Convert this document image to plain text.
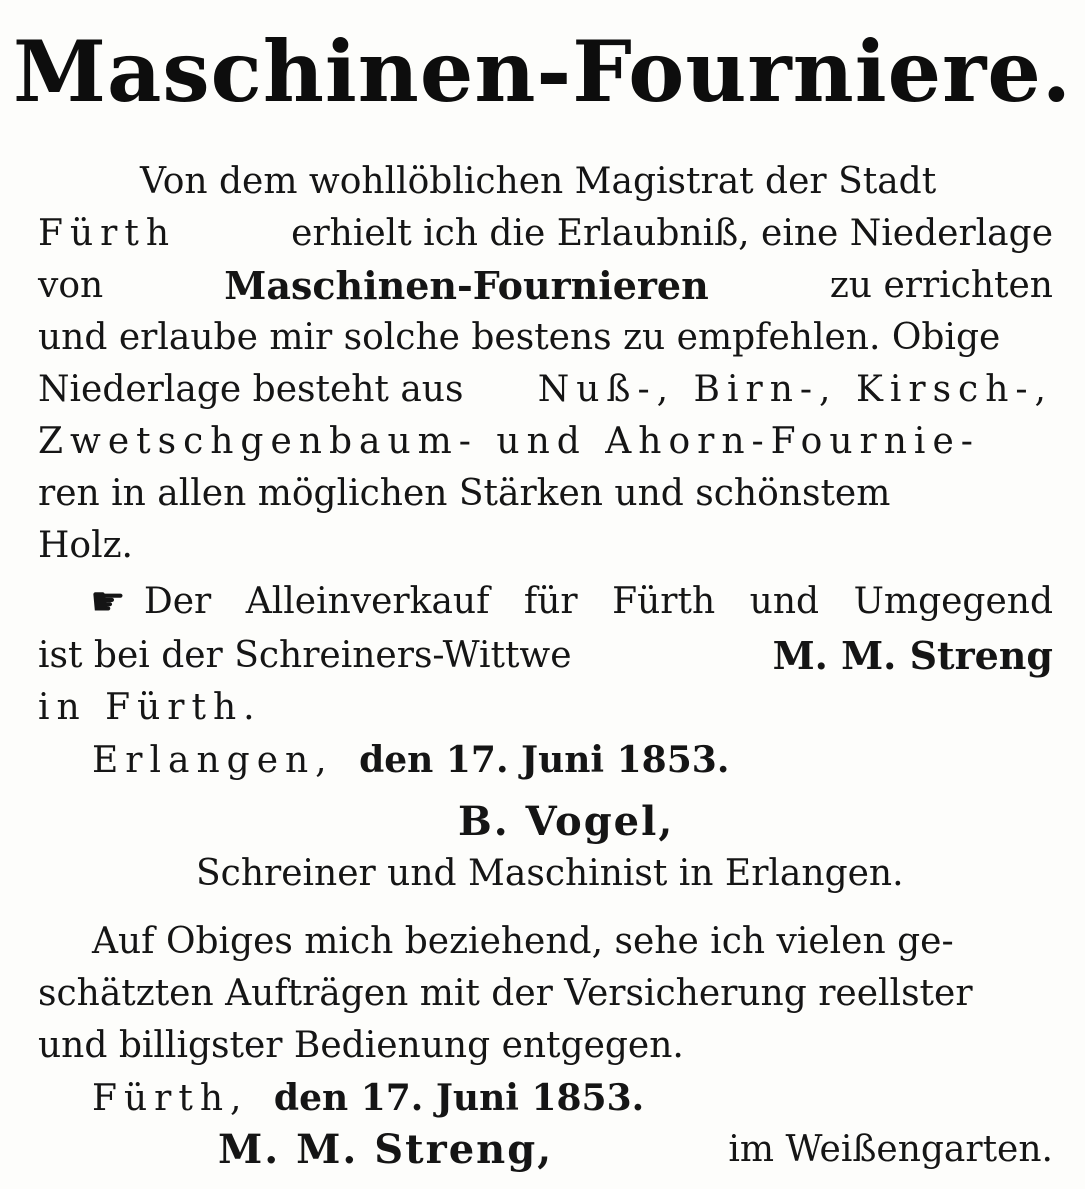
Maschinen-Fourniere.
Von dem wohllöblichen Magistrat der Stadt
Fürth	erhielt ich die Erlaubniß, eine Niederlage
von	Maschinen-Fournieren	zu errichten
und erlaube mir solche bestens zu empfehlen. Obige
Niederlage besteht aus Nuß-, Birn-, Kirsch-,
Zwetschgenbaum- und Ahorn-Fournie-
ren in allen möglichen Stärken und schönstem
Holz.
☛ Der Alleinverkauf für Fürth und Umgegend
ist bei der Schreiners-Wittwe	M. M. Streng
in Fürth.
Erlangen, den 17. Juni 1853.
B. Vogel,
Schreiner und Maschinist in Erlangen.
Auf Obiges mich beziehend, sehe ich vielen ge-
schätzten Aufträgen mit der Versicherung reellster
und billigster Bedienung entgegen.
Fürth, den 17. Juni 1853.
M. M. Streng,	im Weißengarten.
